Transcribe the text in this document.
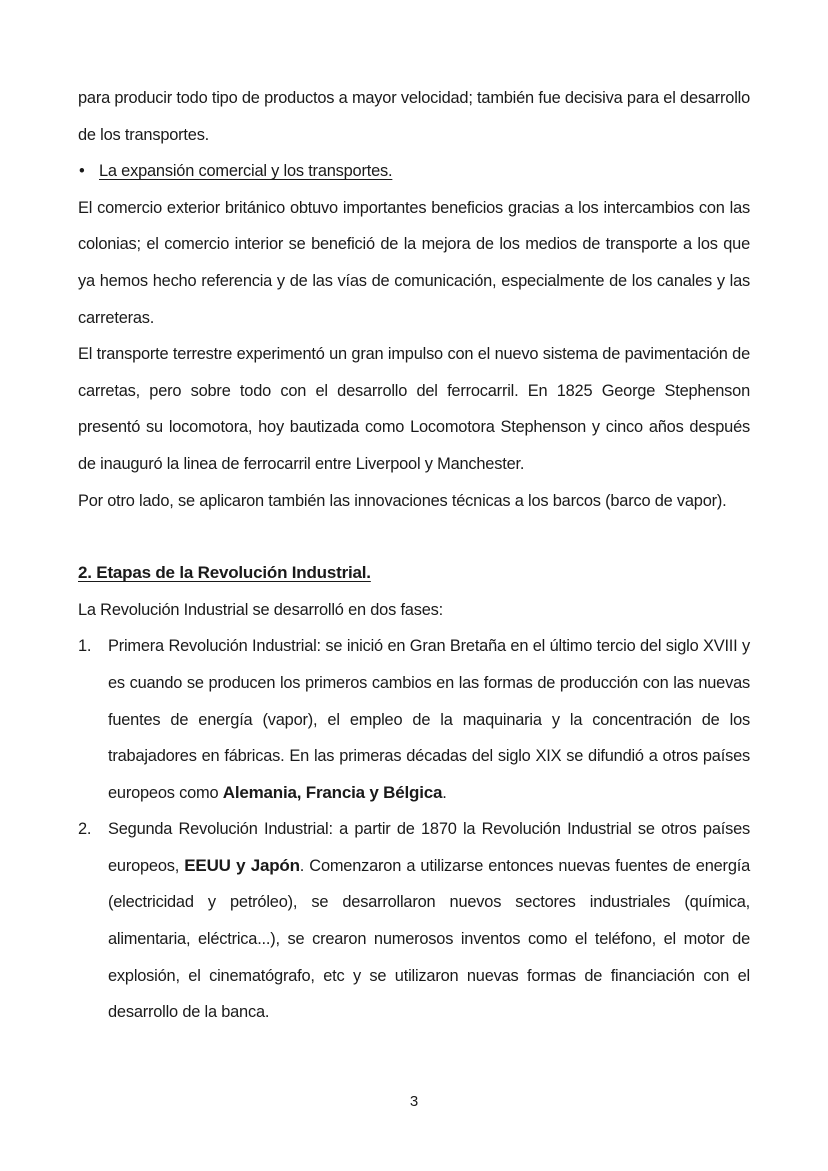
para producir todo tipo de productos a mayor velocidad; también fue decisiva para el desarrollo de los transportes.

• La expansión comercial y los transportes.

El comercio exterior británico obtuvo importantes beneficios gracias a los intercambios con las colonias; el comercio interior se benefició de la mejora de los medios de transporte a los que ya hemos hecho referencia y de las vías de comunicación, especialmente de los canales y las carreteras.

El transporte terrestre experimentó un gran impulso con el nuevo sistema de pavimentación de carretas, pero sobre todo con el desarrollo del ferrocarril. En 1825 George Stephenson presentó su locomotora, hoy bautizada como Locomotora Stephenson y cinco años después de inauguró la linea de ferrocarril entre Liverpool y Manchester.

Por otro lado, se aplicaron también las innovaciones técnicas a los barcos (barco de vapor).

2. Etapas de la Revolución Industrial.

La Revolución Industrial se desarrolló en dos fases:

1.	Primera Revolución Industrial: se inició en Gran Bretaña en el último tercio del siglo XVIII y es cuando se producen los primeros cambios en las formas de producción con las nuevas fuentes de energía (vapor), el empleo de la maquinaria y la concentración de los trabajadores en fábricas. En las primeras décadas del siglo XIX se difundió a otros países europeos como Alemania, Francia y Bélgica.

2.	Segunda Revolución Industrial: a partir de 1870 la Revolución Industrial se otros países europeos, EEUU y Japón. Comenzaron a utilizarse entonces nuevas fuentes de energía (electricidad y petróleo), se desarrollaron nuevos sectores industriales (química, alimentaria, eléctrica...), se crearon numerosos inventos como el teléfono, el motor de explosión, el cinematógrafo, etc y se utilizaron nuevas formas de financiación con el desarrollo de la banca.

3
